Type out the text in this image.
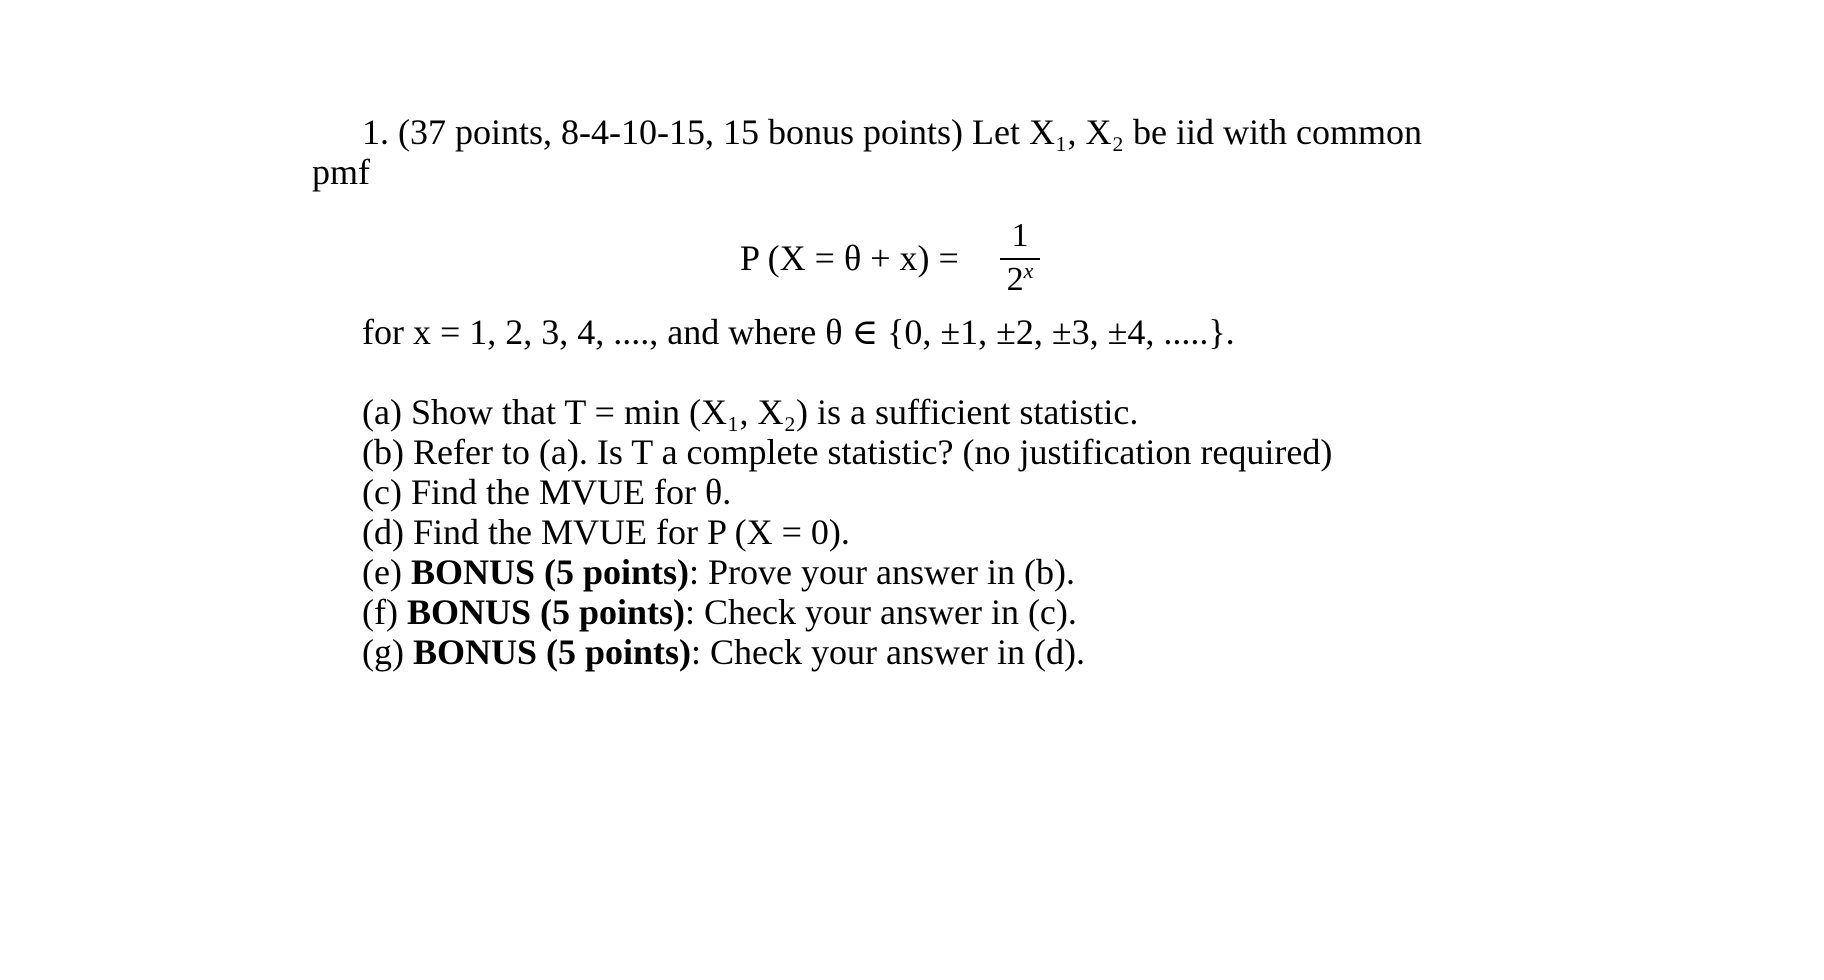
1. (37 points, 8-4-10-15, 15 bonus points) Let X₁, X₂ be iid with common
pmf
P (X = θ + x) =
1
2$^x$
for x = 1, 2, 3, 4, ...., and where θ ∈ {0, ±1, ±2, ±3, ±4, .....}.
(a) Show that T = min (X₁, X₂) is a sufficient statistic.
(b) Refer to (a). Is T a complete statistic? (no justification required)
(c) Find the MVUE for θ.
(d) Find the MVUE for P (X = 0).
(e) BONUS (5 points): Prove your answer in (b).
(f) BONUS (5 points): Check your answer in (c).
(g) BONUS (5 points): Check your answer in (d).
